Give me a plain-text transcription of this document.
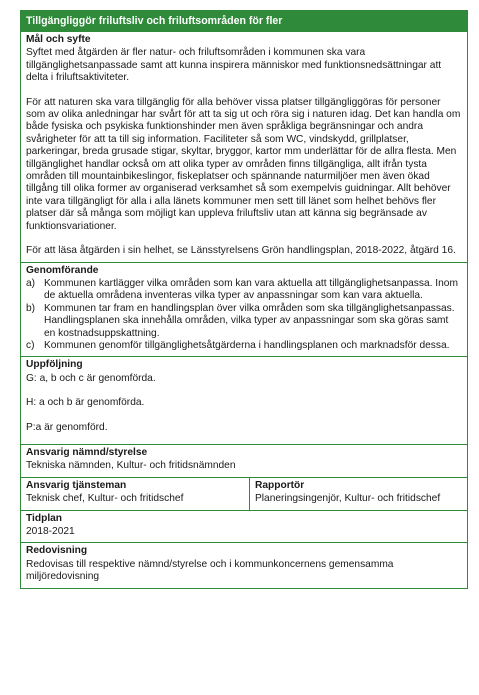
Tillgängliggör friluftsliv och friluftsområden för fler
Mål och syfte

Syftet med åtgärden är fler natur- och friluftsområden i kommunen ska vara tillgänglighetsanpassade samt att kunna inspirera människor med funktionsnedsättningar att delta i friluftsaktiviteter.

För att naturen ska vara tillgänglig för alla behöver vissa platser tillgängliggöras för personer som av olika anledningar har svårt för att ta sig ut och röra sig i naturen idag. Det kan handla om både fysiska och psykiska funktionshinder men även språkliga begränsningar och andra svårigheter för att ta till sig information. Faciliteter så som WC, vindskydd, grillplatser, parkeringar, breda grusade stigar, skyltar, bryggor, kartor mm underlättar för de allra flesta. Men tillgänglighet handlar också om att olika typer av områden finns tillgängliga, allt ifrån tysta områden till mountainbikeslingor, fiskeplatser och spännande naturmiljöer men även ökad tillgång till olika former av organiserad verksamhet så som exempelvis guidningar. Allt behöver inte vara tillgängligt för alla i alla länets kommuner men sett till länet som helhet behövs fler platser där så många som möjligt kan uppleva friluftsliv utan att känna sig begränsade av funktionsvariationer.

För att läsa åtgärden i sin helhet, se Länsstyrelsens Grön handlingsplan, 2018-2022, åtgärd 16.

Genomförande
a) Kommunen kartlägger vilka områden som kan vara aktuella att tillgänglighetsanpassa. Inom de aktuella områdena inventeras vilka typer av anpassningar som kan vara aktuella.
b) Kommunen tar fram en handlingsplan över vilka områden som ska tillgänglighetsanpassas. Handlingsplanen ska innehålla områden, vilka typer av anpassningar som ska göras samt en kostnadsuppskattning.
c) Kommunen genomför tillgänglighetsåtgärderna i handlingsplanen och marknadsför dessa.
Uppföljning

G: a, b och c är genomförda.

H: a och b är genomförda.

P:a är genomförd.

Ansvarig nämnd/styrelse
Tekniska nämnden, Kultur- och fritidsnämnden
Ansvarig tjänsteman
Teknisk chef, Kultur- och fritidschef
Rapportör
Planeringsingenjör, Kultur- och fritidschef
Tidplan
2018-2021
Redovisning
Redovisas till respektive nämnd/styrelse och i kommunkoncernens gemensamma miljöredovisning
